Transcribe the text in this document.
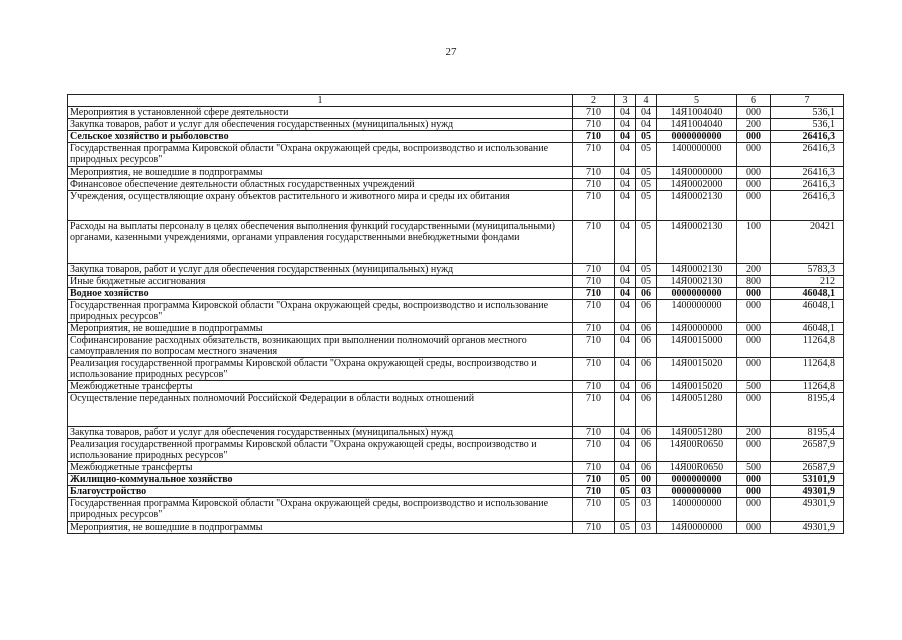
27
1	2	3	4	5	6	7
Мероприятия в установленной сфере деятельности	710	04	04	14Я1004040	000	536,1
Закупка товаров, работ и услуг для обеспечения государственных (муниципальных) нужд	710	04	04	14Я1004040	200	536,1
Сельское хозяйство и рыболовство	710	04	05	0000000000	000	26416,3
Государственная программа Кировской области "Охрана окружающей среды, воспроизводство и использование природных ресурсов"	710	04	05	1400000000	000	26416,3
Мероприятия, не вошедшие в подпрограммы	710	04	05	14Я0000000	000	26416,3
Финансовое обеспечение деятельности областных государственных учреждений	710	04	05	14Я0002000	000	26416,3
Учреждения, осуществляющие охрану объектов растительного и животного мира и среды их обитания	710	04	05	14Я0002130	000	26416,3
Расходы на выплаты персоналу в целях обеспечения выполнения функций государственными (муниципальными) органами, казенными учреждениями, органами управления государственными внебюджетными фондами	710	04	05	14Я0002130	100	20421
Закупка товаров, работ и услуг для обеспечения государственных (муниципальных) нужд	710	04	05	14Я0002130	200	5783,3
Иные бюджетные ассигнования	710	04	05	14Я0002130	800	212
Водное хозяйство	710	04	06	0000000000	000	46048,1
Государственная программа Кировской области "Охрана окружающей среды, воспроизводство и использование природных ресурсов"	710	04	06	1400000000	000	46048,1
Мероприятия, не вошедшие в подпрограммы	710	04	06	14Я0000000	000	46048,1
Софинансирование расходных обязательств, возникающих при выполнении полномочий органов местного самоуправления по вопросам местного значения	710	04	06	14Я0015000	000	11264,8
Реализация государственной программы Кировской области "Охрана окружающей среды, воспроизводство и использование природных ресурсов"	710	04	06	14Я0015020	000	11264,8
Межбюджетные трансферты	710	04	06	14Я0015020	500	11264,8
Осуществление переданных полномочий Российской Федерации в области водных отношений	710	04	06	14Я0051280	000	8195,4
Закупка товаров, работ и услуг для обеспечения государственных (муниципальных) нужд	710	04	06	14Я0051280	200	8195,4
Реализация государственной программы Кировской области "Охрана окружающей среды, воспроизводство и использование природных ресурсов"	710	04	06	14Я00R0650	000	26587,9
Межбюджетные трансферты	710	04	06	14Я00R0650	500	26587,9
Жилищно-коммунальное хозяйство	710	05	00	0000000000	000	53101,9
Благоустройство	710	05	03	0000000000	000	49301,9
Государственная программа Кировской области "Охрана окружающей среды, воспроизводство и использование природных ресурсов"	710	05	03	1400000000	000	49301,9
Мероприятия, не вошедшие в подпрограммы	710	05	03	14Я0000000	000	49301,9
